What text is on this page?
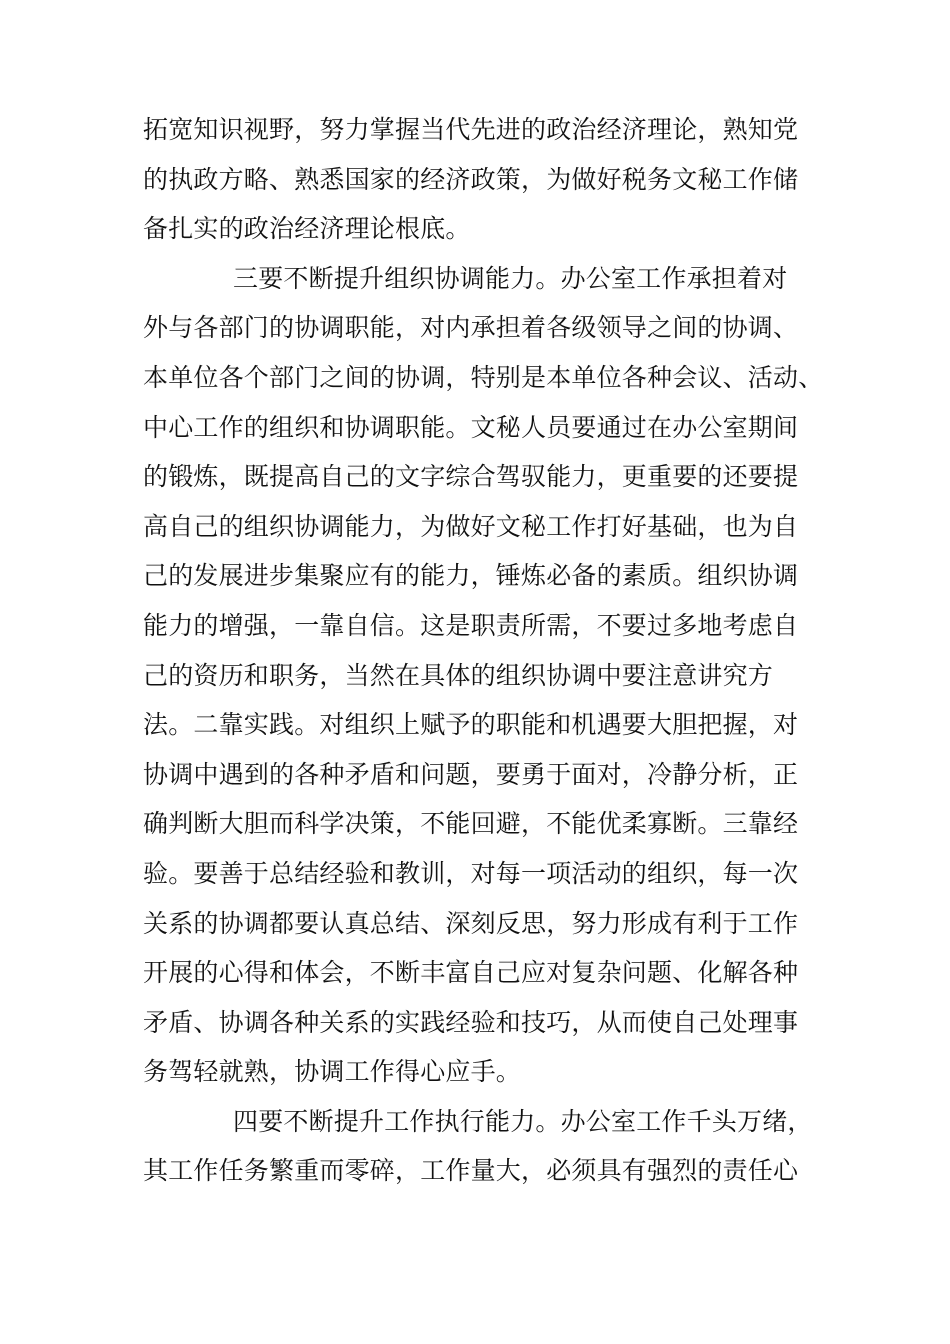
拓宽知识视野，努力掌握当代先进的政治经济理论，熟知党
的执政方略、熟悉国家的经济政策，为做好税务文秘工作储
备扎实的政治经济理论根底。
三要不断提升组织协调能力。办公室工作承担着对
外与各部门的协调职能，对内承担着各级领导之间的协调、
本单位各个部门之间的协调，特别是本单位各种会议、活动、
中心工作的组织和协调职能。文秘人员要通过在办公室期间
的锻炼，既提高自己的文字综合驾驭能力，更重要的还要提
高自己的组织协调能力，为做好文秘工作打好基础，也为自
己的发展进步集聚应有的能力，锤炼必备的素质。组织协调
能力的增强，一靠自信。这是职责所需，不要过多地考虑自
己的资历和职务，当然在具体的组织协调中要注意讲究方
法。二靠实践。对组织上赋予的职能和机遇要大胆把握，对
协调中遇到的各种矛盾和问题，要勇于面对，冷静分析，正
确判断大胆而科学决策，不能回避，不能优柔寡断。三靠经
验。要善于总结经验和教训，对每一项活动的组织，每一次
关系的协调都要认真总结、深刻反思，努力形成有利于工作
开展的心得和体会，不断丰富自己应对复杂问题、化解各种
矛盾、协调各种关系的实践经验和技巧，从而使自己处理事
务驾轻就熟，协调工作得心应手。
四要不断提升工作执行能力。办公室工作千头万绪，
其工作任务繁重而零碎，工作量大，必须具有强烈的责任心
